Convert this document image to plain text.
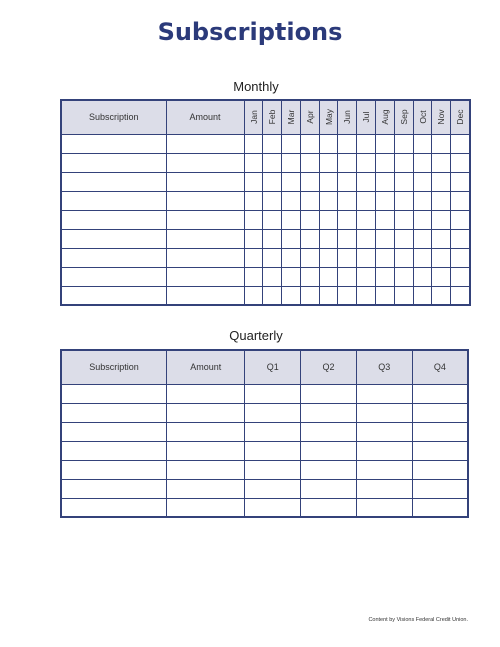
Subscriptions
Monthly
Subscription	Amount	Jan	Feb	Mar	Apr	May	Jun	Jul	Aug	Sep	Oct	Nov	Dec

Quarterly
Subscription	Amount	Q1	Q2	Q3	Q4

Content by Visions Federal Credit Union.
